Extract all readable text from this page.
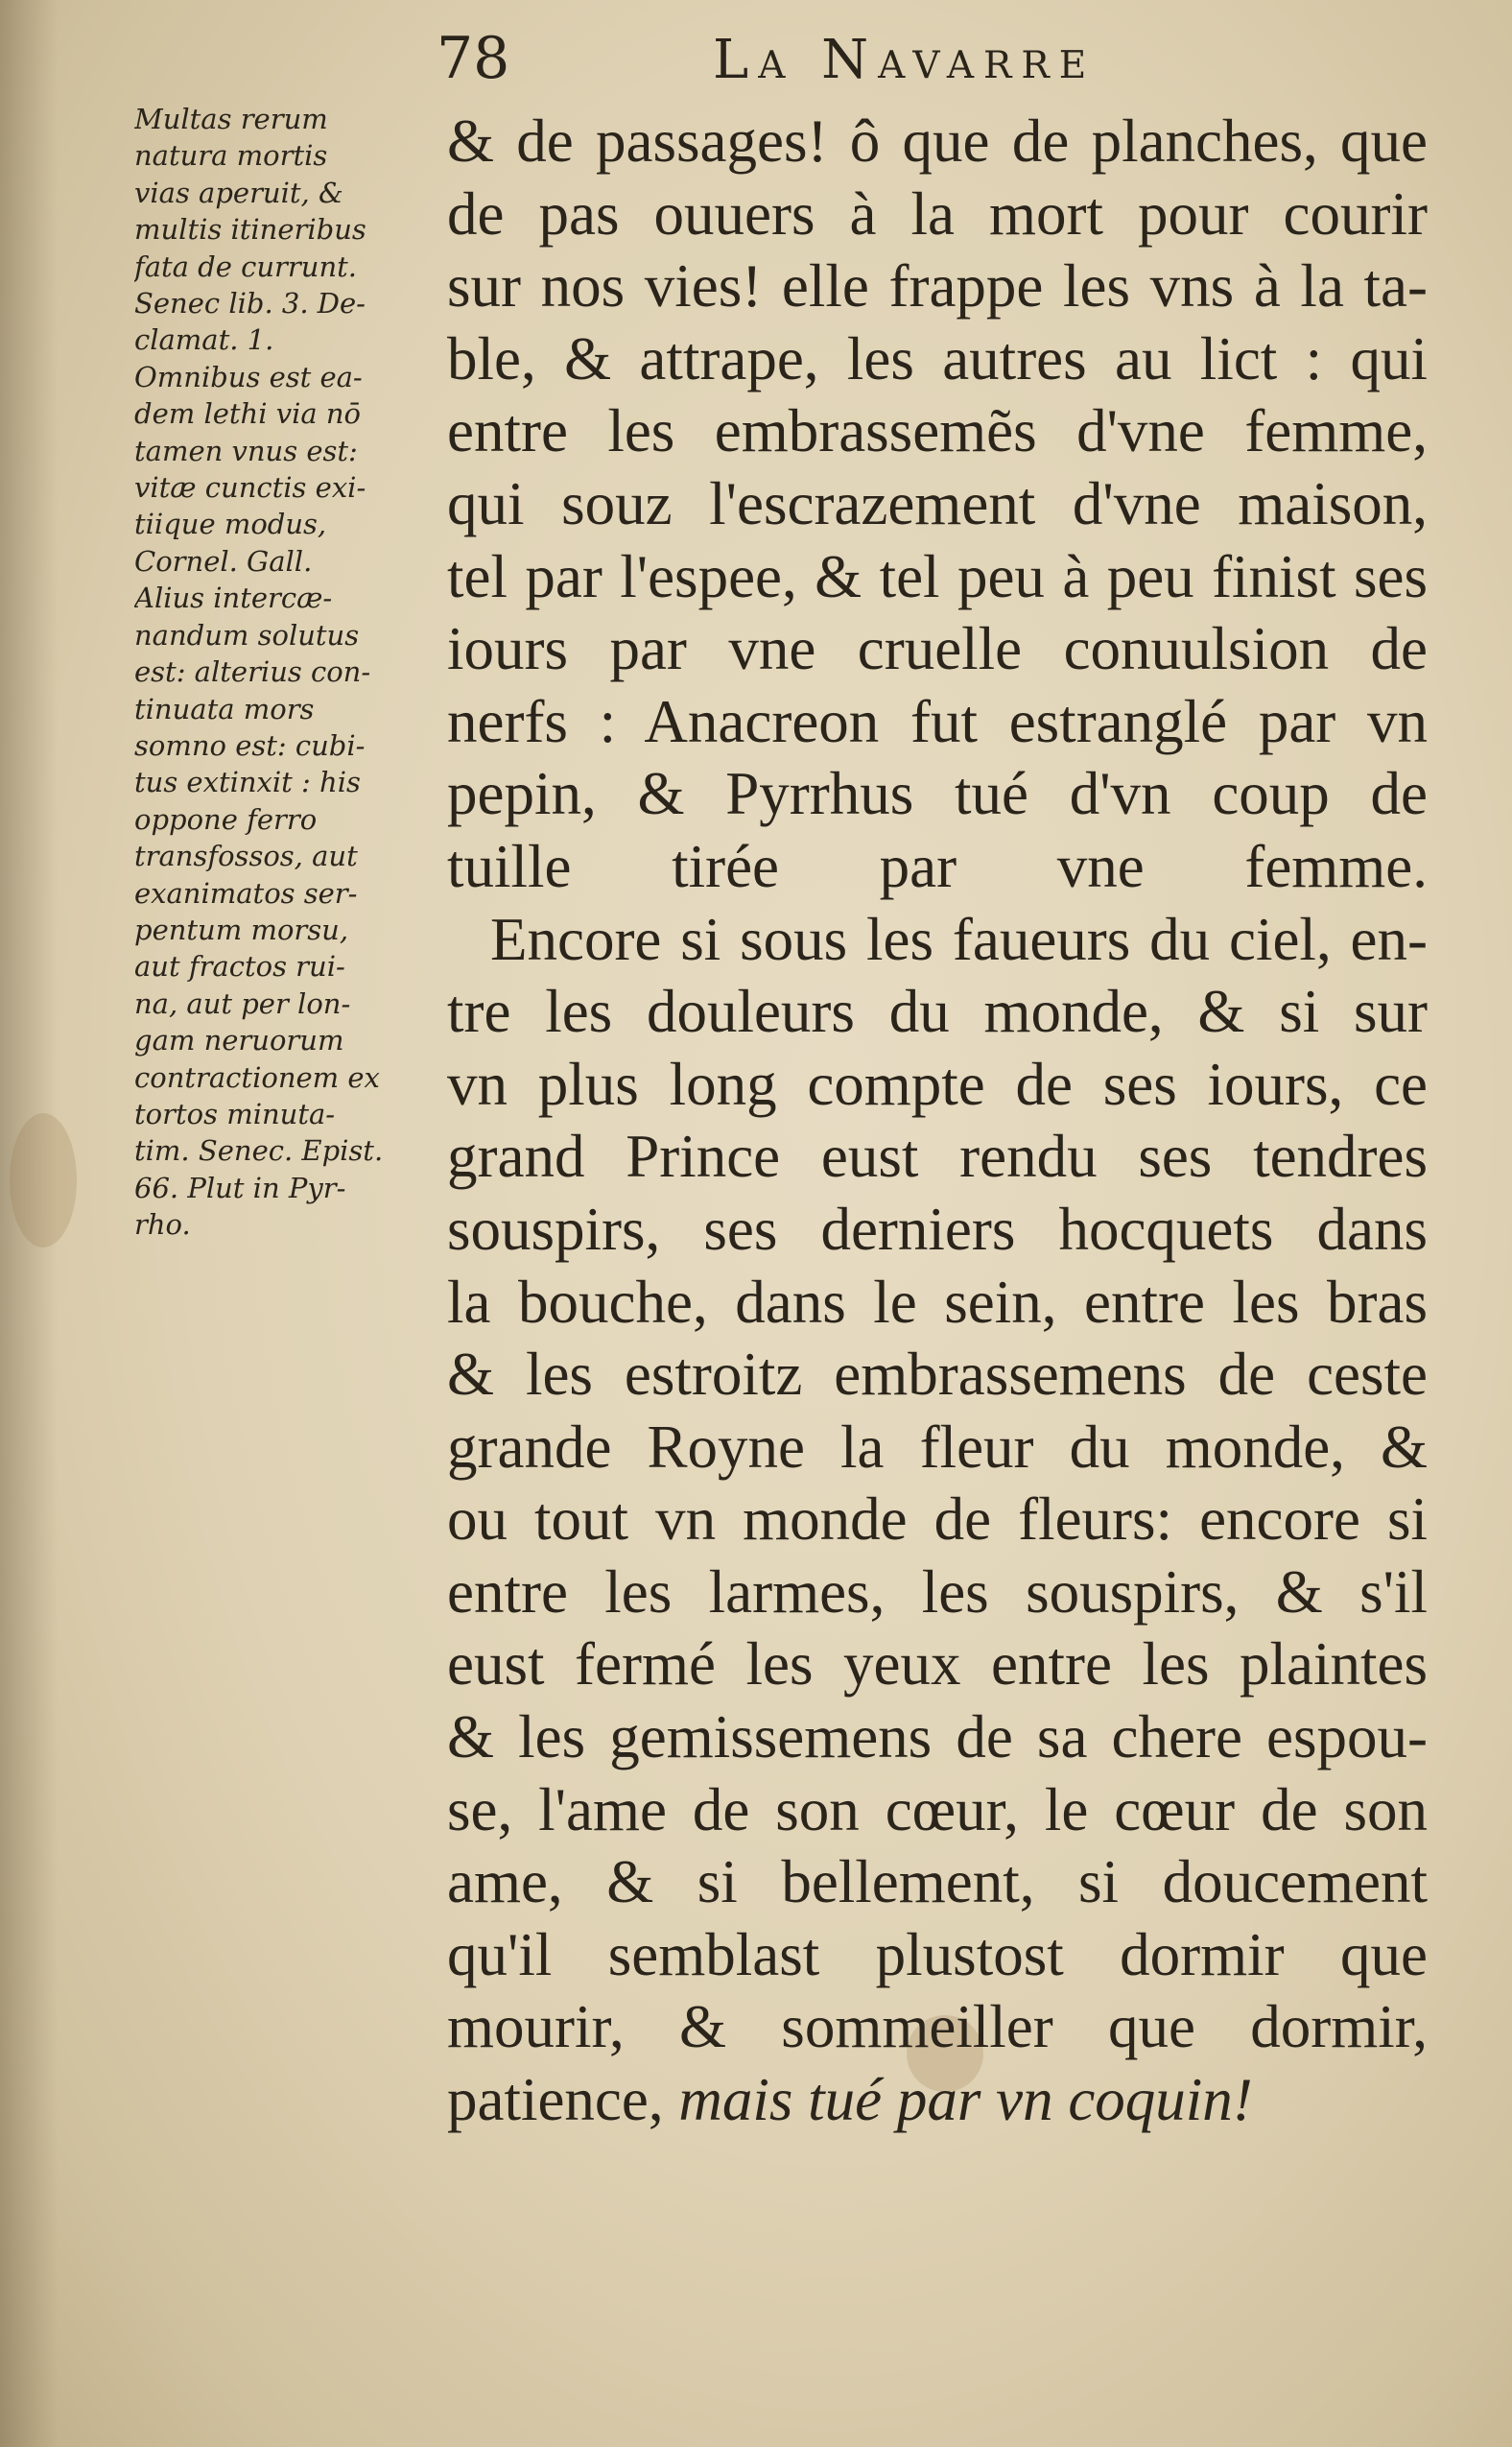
78	La Navarre
Multas rerum
natura mortis
vias aperuit, &
multis itineribus
fata de currunt.
Senec lib. 3. De-
clamat. 1.
Omnibus est ea-
dem lethi via nō
tamen vnus est:
vitæ cunctis exi-
tiique modus,
Cornel. Gall.
Alius intercæ-
nandum solutus
est: alterius con-
tinuata mors
somno est: cubi-
tus extinxit : his
oppone ferro
transfossos, aut
exanimatos ser-
pentum morsu,
aut fractos rui-
na, aut per lon-
gam neruorum
contractionem ex
tortos minuta-
tim. Senec. Epist.
66. Plut in Pyr-
rho.
& de passages! ô que de planches, que
de pas ouuers à la mort pour courir
sur nos vies! elle frappe les vns à la ta-
ble, & attrape, les autres au lict : qui
entre les embrassemẽs d'vne femme,
qui souz l'escrazement d'vne maison,
tel par l'espee, & tel peu à peu finist ses
iours par vne cruelle conuulsion de
nerfs : Anacreon fut estranglé par vn
pepin, & Pyrrhus tué d'vn coup de
tuille tirée par vne femme.
Encore si sous les faueurs du ciel, en-
tre les douleurs du monde, & si sur
vn plus long compte de ses iours, ce
grand Prince eust rendu ses tendres
souspirs, ses derniers hocquets dans
la bouche, dans le sein, entre les bras
& les estroitz embrassemens de ceste
grande Royne la fleur du monde, &
ou tout vn monde de fleurs: encore si
entre les larmes, les souspirs, & s'il
eust fermé les yeux entre les plaintes
& les gemissemens de sa chere espou-
se, l'ame de son cœur, le cœur de son
ame, & si bellement, si doucement
qu'il semblast plustost dormir que
mourir, & sommeiller que dormir,
patience, mais tué par vn coquin!
